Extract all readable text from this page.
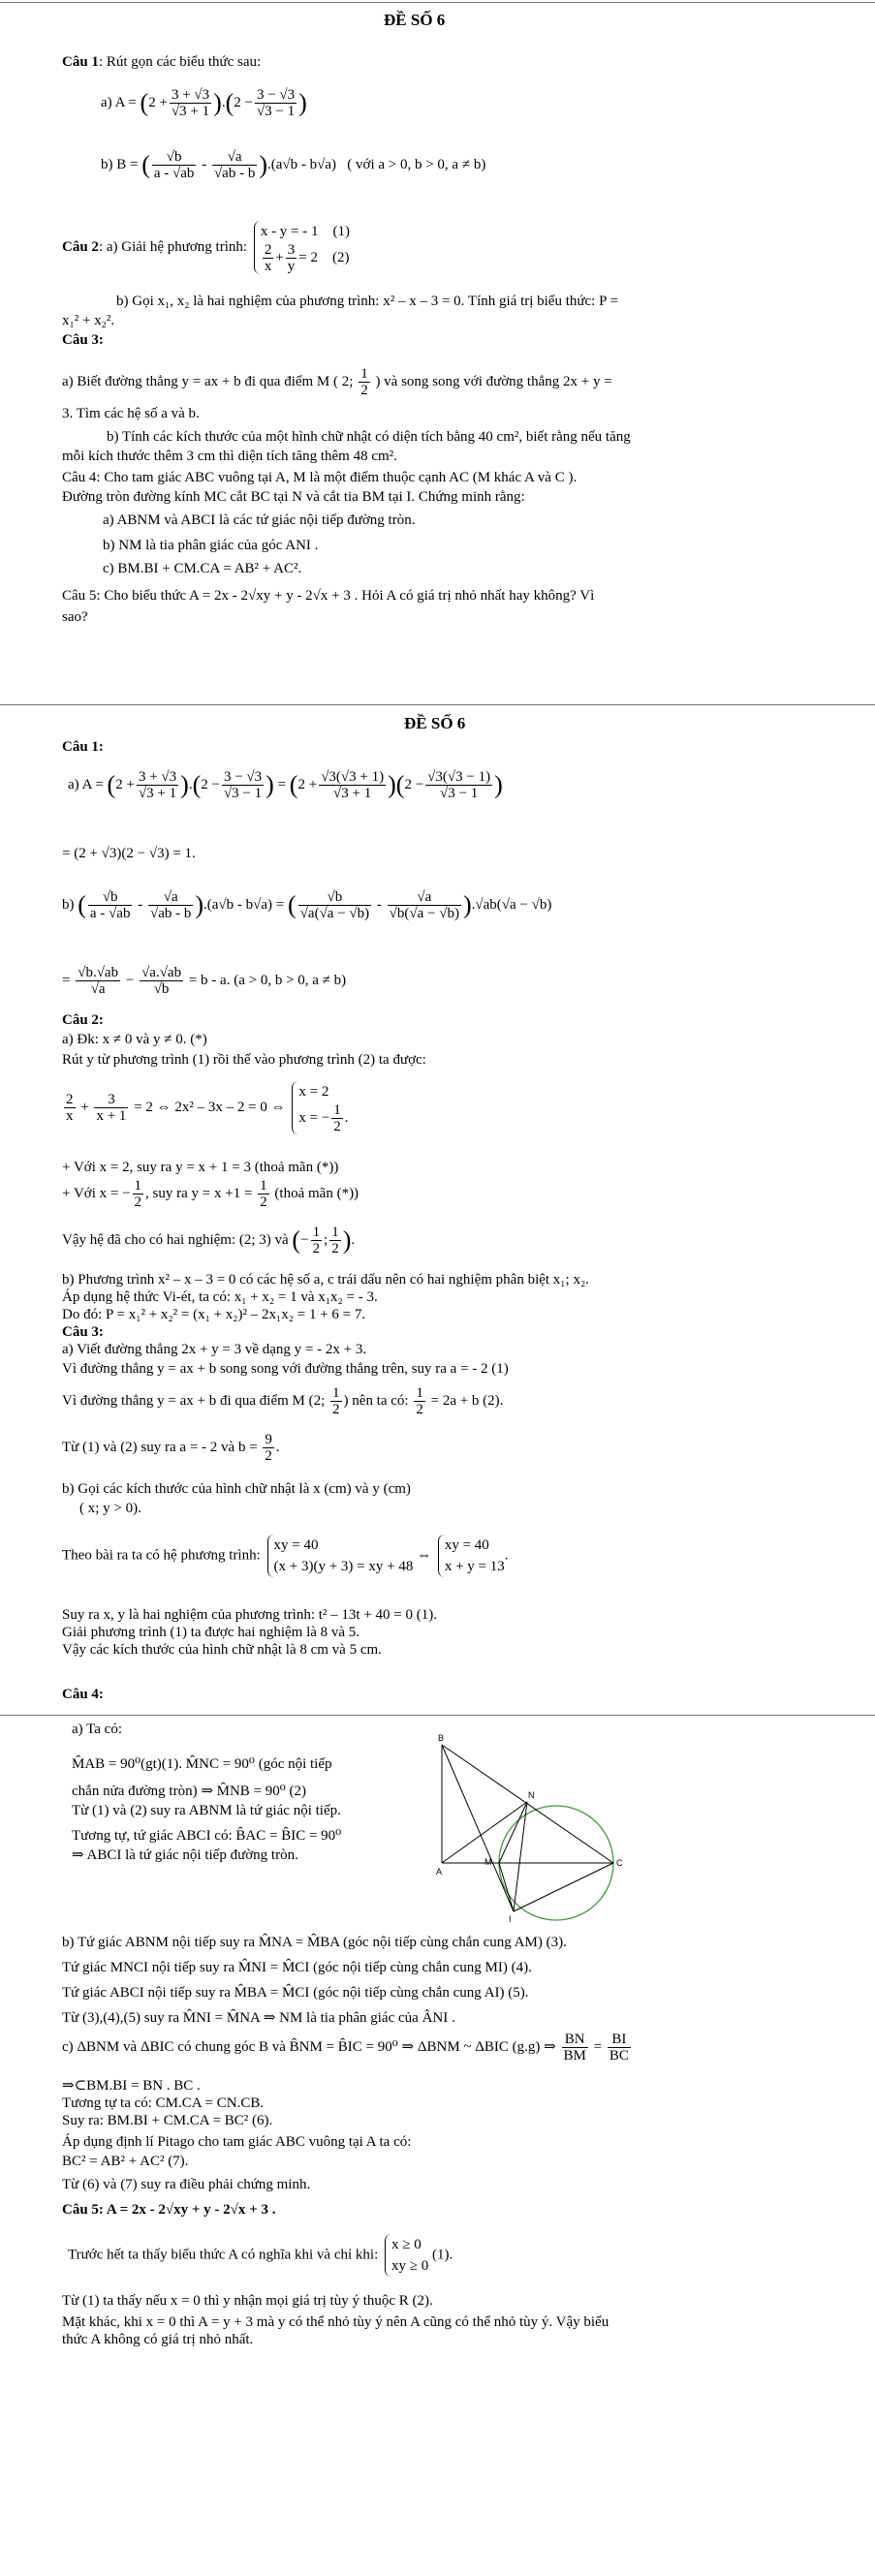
ĐỀ SỐ 6
Câu 1: Rút gọn các biểu thức sau:
a) $A = (2 + \frac{3 + √3}{√3 + 1} ).(2 - \frac{3 - √3}{√3 - 1}$ )
b) B = ( $\frac{√b}{a - √ab} - \frac{√a}{√ab - b} ).(a√b - b√a)$   ( với a > 0, b > 0, a ≠ b)
Câu 2: a) Giải hệ phương trình:
x - y = - 1 (1)
$\frac{2}{x} + \frac{3}{y} = 2$ (2)
b) Gọi x₁, x₂ là hai nghiệm của phương trình: x² – x – 3 = 0. Tính giá trị biểu thức: P =
x₁² + x₂².
Câu 3:
a) Biết đường thẳng y = ax + b đi qua điểm M ( 2; $\frac{1}{2}$ ) và song song với đường thẳng 2x + y =
3. Tìm các hệ số a và b.
b) Tính các kích thước của một hình chữ nhật có diện tích bằng 40 cm², biết rằng nếu tăng
mỗi kích thước thêm 3 cm thì diện tích tăng thêm 48 cm².
Câu 4: Cho tam giác ABC vuông tại A, M là một điểm thuộc cạnh AC (M khác A và C ).
Đường tròn đường kính MC cắt BC tại N và cắt tia BM tại I. Chứng minh rằng:
a) ABNM và ABCI là các tứ giác nội tiếp đường tròn.
b) NM là tia phân giác của góc ANI .
c) BM.BI + CM.CA = AB² + AC².
Câu 5: Cho biểu thức A = 2x - 2√xy + y - 2√x + 3 . Hỏi A có giá trị nhỏ nhất hay không? Vì
sao?
ĐỀ SỐ 6
Câu 1:
a) $A = (2 + \frac{3 + √3}{√3 + 1} ).(2 - \frac{3 - √3}{√3 - 1}$ ) = $(2 + \frac{√3(√3 + 1)}{√3 + 1} )(2 - \frac{√3(√3 - 1)}{√3 - 1}$ )
= (2 + √3)(2 − √3) = 1.
b) ( $\frac{√b}{a - √ab} - \frac{√a}{√ab - b} ).(a√b - b√a)$ = ( $\frac{√b}{√a(√a - √b)} - \frac{√a}{√b(√a - √b)} ).√ab(√a - √b)$
= $\frac{√b.√ab}{√a} - \frac{√a.√ab}{√b} = b - a$. (a > 0, b > 0, a ≠ b)
Câu 2:
a) Đk: x ≠ 0 và y ≠ 0. (*)
Rút y từ phương trình (1) rồi thế vào phương trình (2) ta được:
$\frac{2}{x} + \frac{3}{x + 1} = 2$ ⇔ 2x² – 3x – 2 = 0 ⇔
x = 2
x = − $\frac{1}{2}$ .
+ Với x = 2, suy ra y = x + 1 = 3 (thoả mãn (*))
+ Với x = − $\frac{1}{2}$ , suy ra $y = x +1 = \frac{1}{2}$ (thoả mãn (*))
Vậy hệ đã cho có hai nghiệm: (2; 3) và (− $\frac{1}{2}$ ; $\frac{1}{2}$ ).
b) Phương trình x² – x – 3 = 0 có các hệ số a, c trái dấu nên có hai nghiệm phân biệt x₁; x₂.
Áp dụng hệ thức Vi-ét, ta có: x₁ + x₂ = 1 và x₁x₂ = - 3.
Do đó: P = x₁² + x₂² = (x₁ + x₂)² – 2x₁x₂ = 1 + 6 = 7.
Câu 3:
a) Viết đường thẳng 2x + y = 3 về dạng y = - 2x + 3.
Vì đường thẳng y = ax + b song song với đường thẳng trên, suy ra a = - 2 (1)
Vì đường thẳng y = ax + b đi qua điểm M (2; $\frac{1}{2}$ ) nên ta có: $\frac{1}{2} = 2a + b$ (2).
Từ (1) và (2) suy ra a = - 2 và $b = \frac{9}{2}$ .
b) Gọi các kích thước của hình chữ nhật là x (cm) và y (cm)
( x; y > 0).
Theo bài ra ta có hệ phương trình:
xy = 40
(x + 3)(y + 3) = xy + 48
⇔
xy = 40
x + y = 13
.
Suy ra x, y là hai nghiệm của phương trình: t² – 13t + 40 = 0 (1).
Giải phương trình (1) ta được hai nghiệm là 8 và 5.
Vậy các kích thước của hình chữ nhật là 8 cm và 5 cm.
Câu 4:
a) Ta có:
M̂AB = 90⁰(gt)(1). M̂NC = 90⁰ (góc nội tiếp
chắn nửa đường tròn) ⇒ M̂NB = 90⁰ (2)
Từ (1) và (2) suy ra ABNM là tứ giác nội tiếp.
Tương tự, tứ giác ABCI có: B̂AC = B̂IC = 90⁰
⇒ ABCI là tứ giác nội tiếp đường tròn.
B
N
C
A
M
I
b) Tứ giác ABNM nội tiếp suy ra M̂NA = M̂BA (góc nội tiếp cùng chắn cung AM) (3).
Tứ giác MNCI nội tiếp suy ra M̂NI = M̂CI (góc nội tiếp cùng chắn cung MI) (4).
Tứ giác ABCI nội tiếp suy ra M̂BA = M̂CI (góc nội tiếp cùng chắn cung AI) (5).
Từ (3),(4),(5) suy ra M̂NI = M̂NA ⇒ NM là tia phân giác của ÂNI .
c) ΔBNM và ΔBIC có chung góc B và B̂NM = B̂IC = 90⁰ ⇒ ΔBNM ~ ΔBIC (g.g) ⇒ $\frac{BN}{BM} = \frac{BI}{BC}$
⇒⊂BM.BI = BN . BC .
Tương tự ta có: CM.CA = CN.CB.
Suy ra: BM.BI + CM.CA = BC² (6).
Áp dụng định lí Pitago cho tam giác ABC vuông tại A ta có:
BC² = AB² + AC² (7).
Từ (6) và (7) suy ra điều phải chứng minh.
Câu 5: A = 2x - 2√xy + y - 2√x + 3 .
Trước hết ta thấy biểu thức A có nghĩa khi và chỉ khi:
x ≥ 0
xy ≥ 0
(1).
Từ (1) ta thấy nếu x = 0 thì y nhận mọi giá trị tùy ý thuộc R (2).
Mặt khác, khi x = 0 thì A = y + 3 mà y có thể nhỏ tùy ý nên A cũng có thể nhỏ tùy ý. Vậy biểu
thức A không có giá trị nhỏ nhất.
